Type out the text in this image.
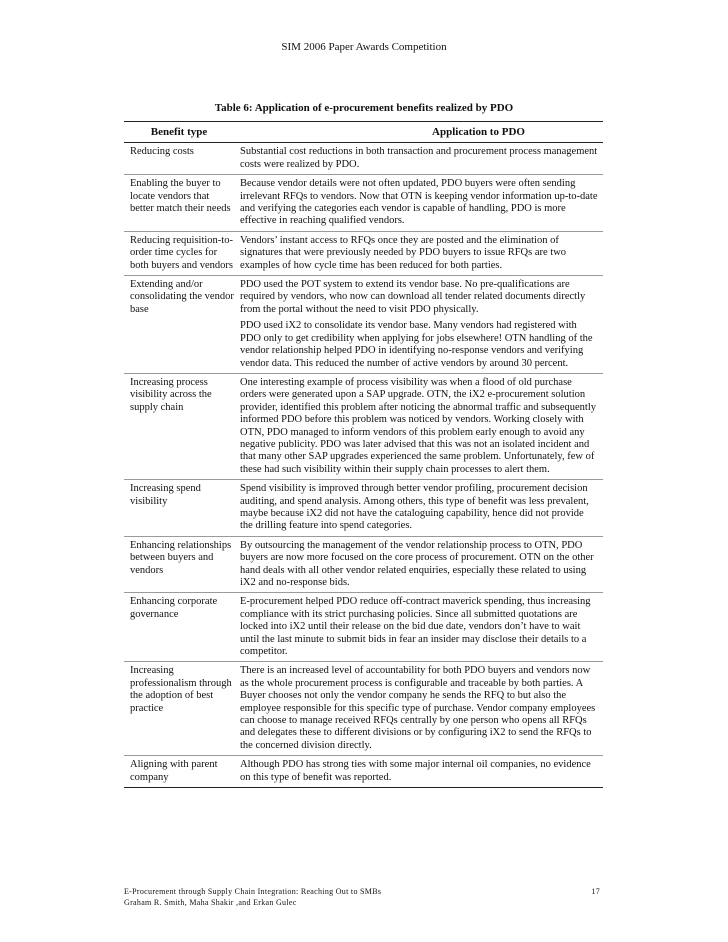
SIM 2006 Paper Awards Competition
Table 6: Application of e-procurement benefits realized by PDO
Benefit type	Application to PDO
Reducing costs	Substantial cost reductions in both transaction and procurement process management costs were realized by PDO.

Enabling the buyer to locate vendors that better match their needs	Because vendor details were not often updated, PDO buyers were often sending irrelevant RFQs to vendors. Now that OTN is keeping vendor information up-to-date and verifying the categories each vendor is capable of handling, PDO is more effective in reaching qualified vendors.

Reducing requisition-to-order time cycles for both buyers and vendors	Vendors’ instant access to RFQs once they are posted and the elimination of signatures that were previously needed by PDO buyers to issue RFQs are two examples of how cycle time has been reduced for both parties.

Extending and/or consolidating the vendor base	PDO used the POT system to extend its vendor base. No pre-qualifications are required by vendors, who now can download all tender related documents directly from the portal without the need to visit PDO physically.

PDO used iX2 to consolidate its vendor base. Many vendors had registered with PDO only to get credibility when applying for jobs elsewhere! OTN handling of the vendor relationship helped PDO in identifying no-response vendors and verifying vendor data. This reduced the number of active vendors by around 30 percent.

Increasing process visibility across the supply chain	One interesting example of process visibility was when a flood of old purchase orders were generated upon a SAP upgrade. OTN, the iX2 e-procurement solution provider, identified this problem after noticing the abnormal traffic and subsequently informed PDO before this problem was noticed by vendors. Working closely with OTN, PDO managed to inform vendors of this problem early enough to avoid any negative publicity. PDO was later advised that this was not an isolated incident and that many other SAP upgrades experienced the same problem. Unfortunately, few of these had such visibility within their supply chain processes to alert them.

Increasing spend visibility	Spend visibility is improved through better vendor profiling, procurement decision auditing, and spend analysis. Among others, this type of benefit was less prevalent, maybe because iX2 did not have the cataloguing capability, hence did not provide the drilling feature into spend categories.

Enhancing relationships between buyers and vendors	By outsourcing the management of the vendor relationship process to OTN, PDO buyers are now more focused on the core process of procurement. OTN on the other hand deals with all other vendor related enquiries, especially these related to using iX2 and no-response bids.

Enhancing corporate governance	E-procurement helped PDO reduce off-contract maverick spending, thus increasing compliance with its strict purchasing policies. Since all submitted quotations are locked into iX2 until their release on the bid due date, vendors don’t have to wait until the last minute to submit bids in fear an insider may disclose their details to a competitor.

Increasing professionalism through the adoption of best practice	There is an increased level of accountability for both PDO buyers and vendors now as the whole procurement process is configurable and traceable by both parties. A Buyer chooses not only the vendor company he sends the RFQ to but also the employee responsible for this specific type of purchase. Vendor company employees can choose to manage received RFQs centrally by one person who opens all RFQs and delegates these to different divisions or by configuring iX2 to send the RFQs to the concerned division directly.

Aligning with parent company	Although PDO has strong ties with some major internal oil companies, no evidence on this type of benefit was reported.

E-Procurement through Supply Chain Integration: Reaching Out to SMBs
Graham R. Smith, Maha Shakir ,and Erkan Gulec
17
